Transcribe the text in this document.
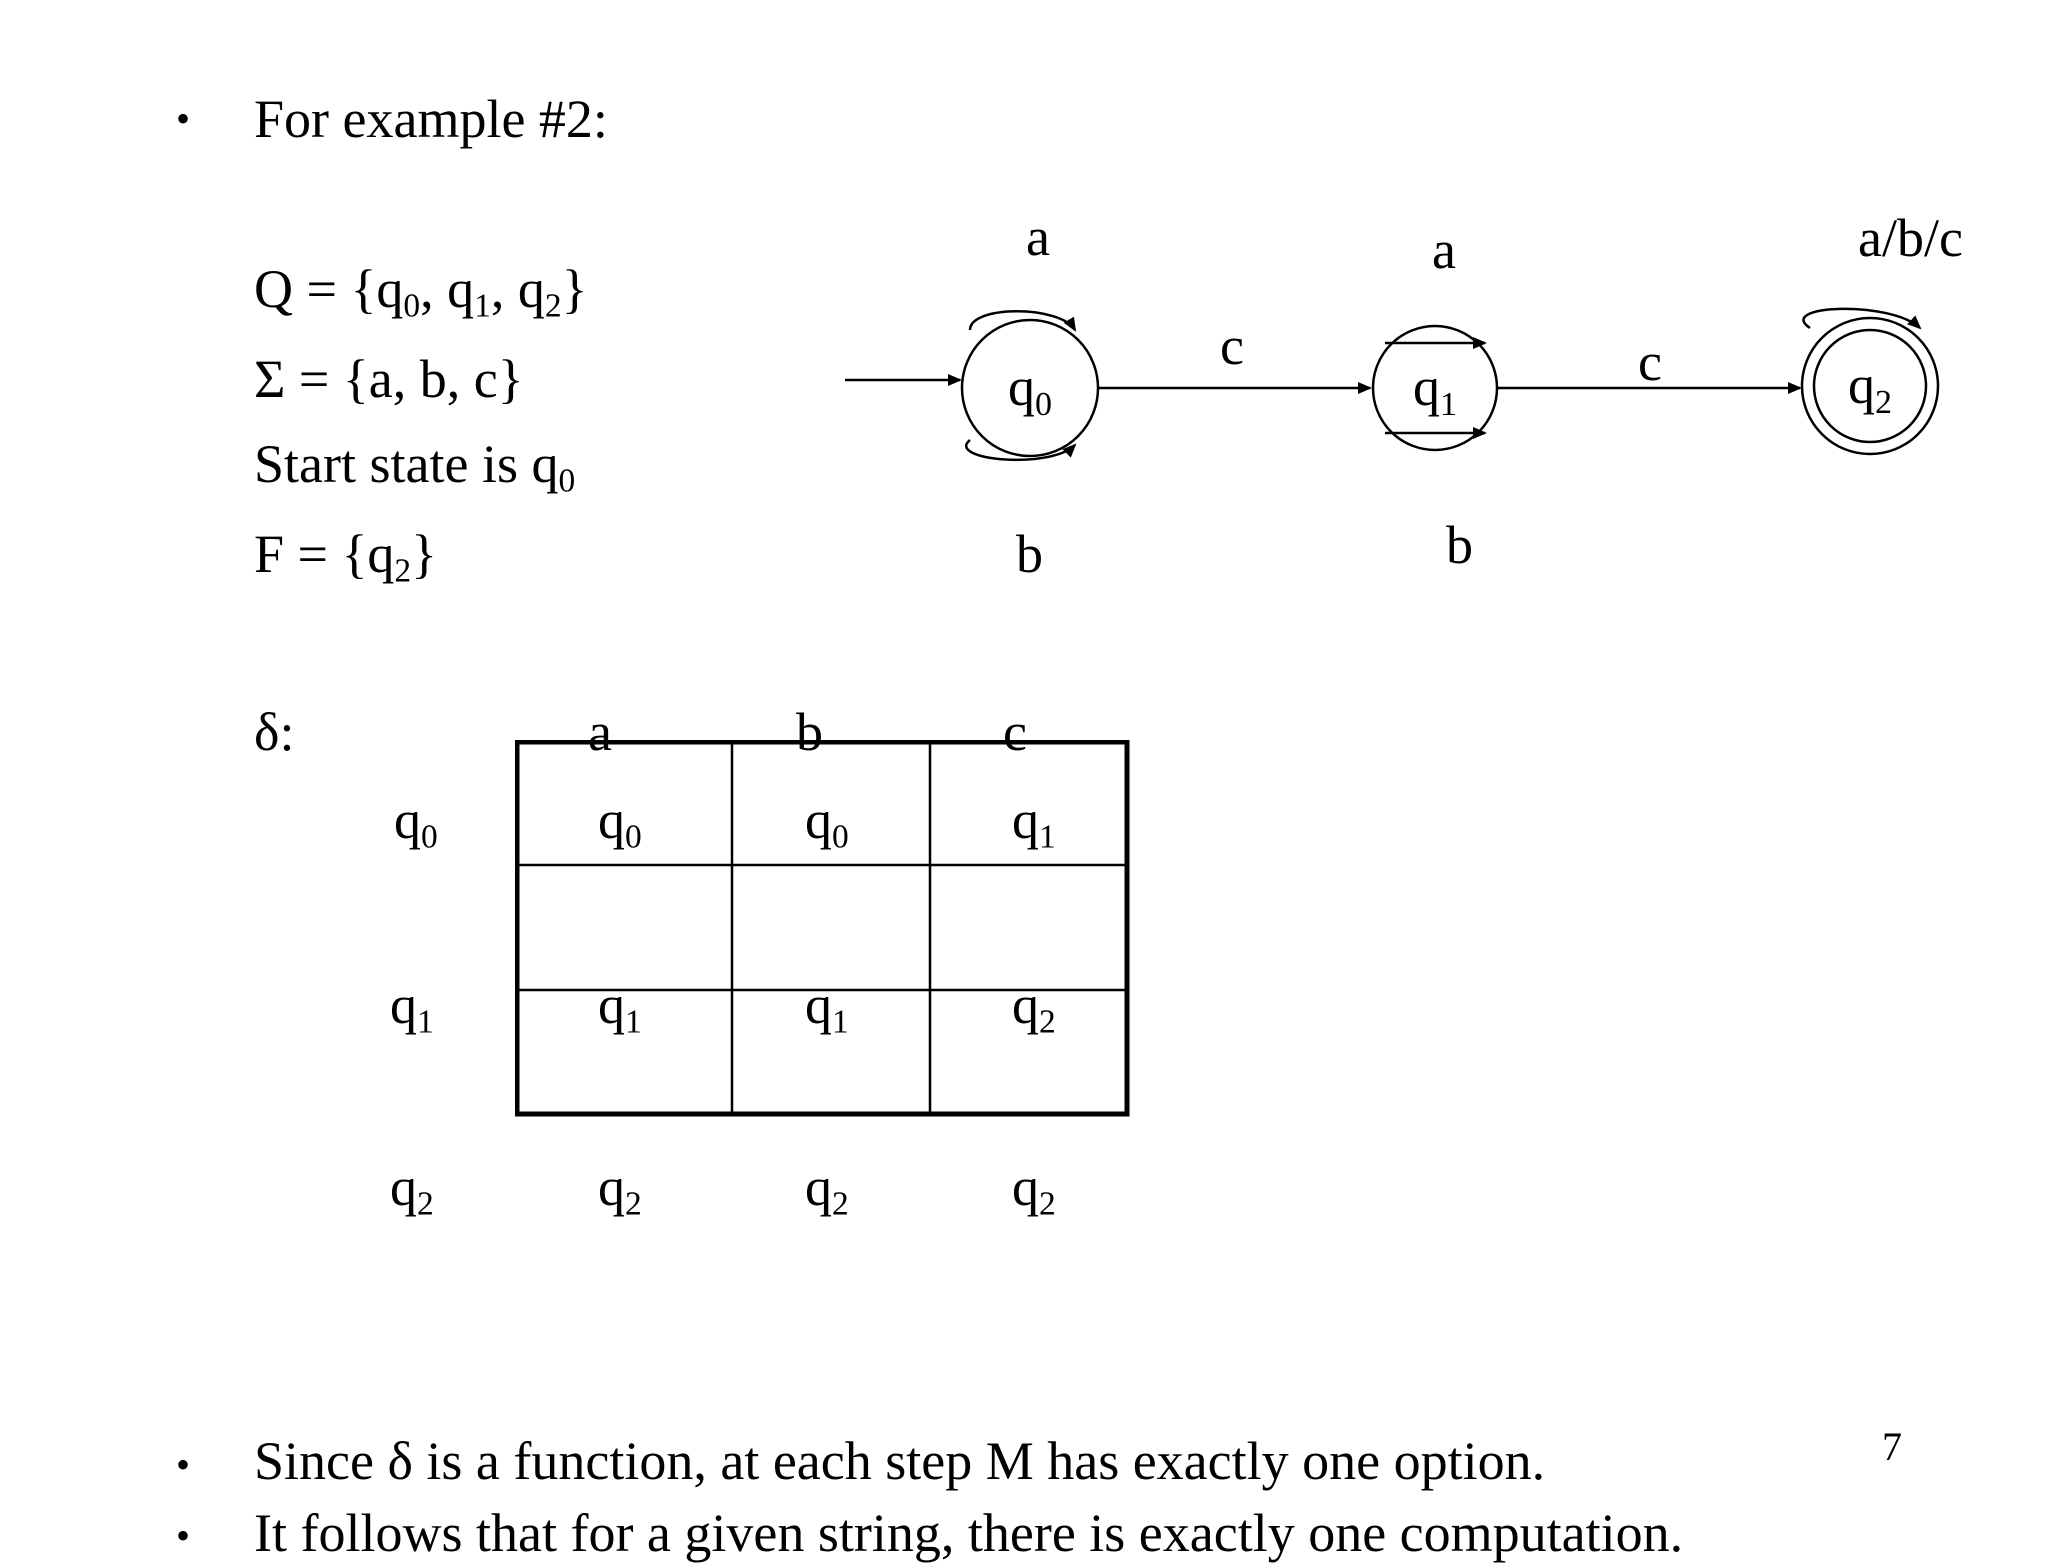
• For example #2:
$Q = \{q_0$, $q_1$, $q_2$}
Σ = {a, b, c}
Start state is $q_0$
$F = \{q_2\}$
q0
a
b
c
q1
a
b
c	q2
a/b/c
δ:	a	b	c
$q_0$	$q_0$	$q_0$	$q_1$
$q_1$	$q_1$	$q_1$	$q_2$
$q_2$	$q_2$	$q_2$	$q_2$
• Since δ is a function, at each step M has exactly one option.	7
• It follows that for a given string, there is exactly one computation.
